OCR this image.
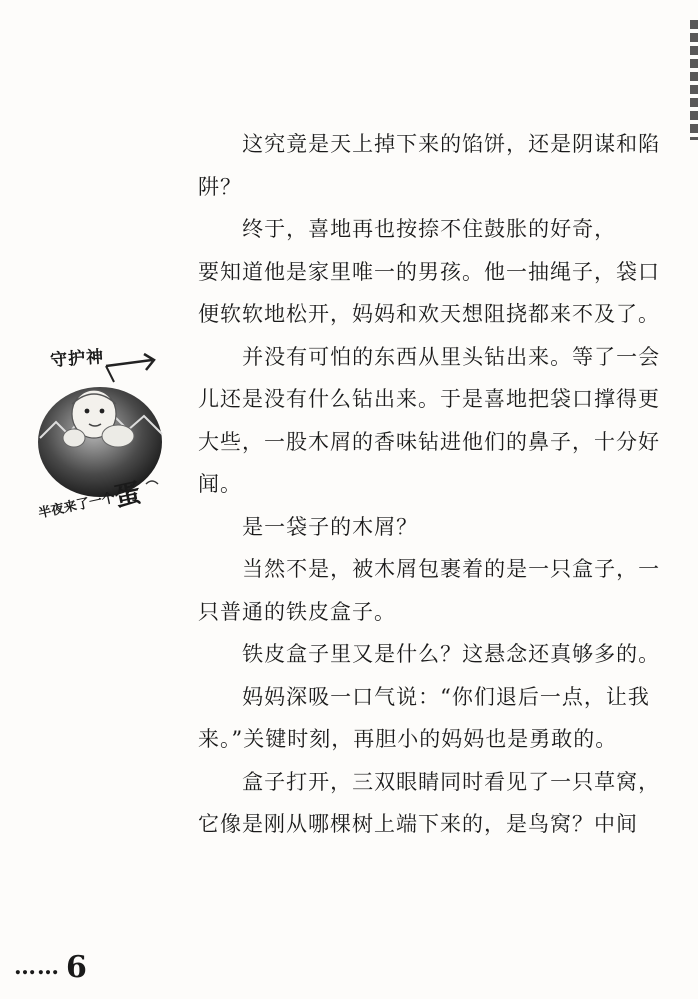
这究竟是天上掉下来的馅饼，还是阴谋和陷阱？

终于，喜地再也按捺不住鼓胀的好奇，

要知道他是家里唯一的男孩。他一抽绳子，袋口便软软地松开，妈妈和欢天想阻挠都来不及了。

并没有可怕的东西从里头钻出来。等了一会儿还是没有什么钻出来。于是喜地把袋口撑得更大些，一股木屑的香味钻进他们的鼻子，十分好闻。

是一袋子的木屑？

当然不是，被木屑包裹着的是一只盒子，一只普通的铁皮盒子。

铁皮盒子里又是什么？这悬念还真够多的。

妈妈深吸一口气说：“你们退后一点，让我来。”关键时刻，再胆小的妈妈也是勇敢的。

盒子打开，三双眼睛同时看见了一只草窝，它像是刚从哪棵树上端下来的，是鸟窝？中间

守护神
半夜来了一个蛋
…… 6
